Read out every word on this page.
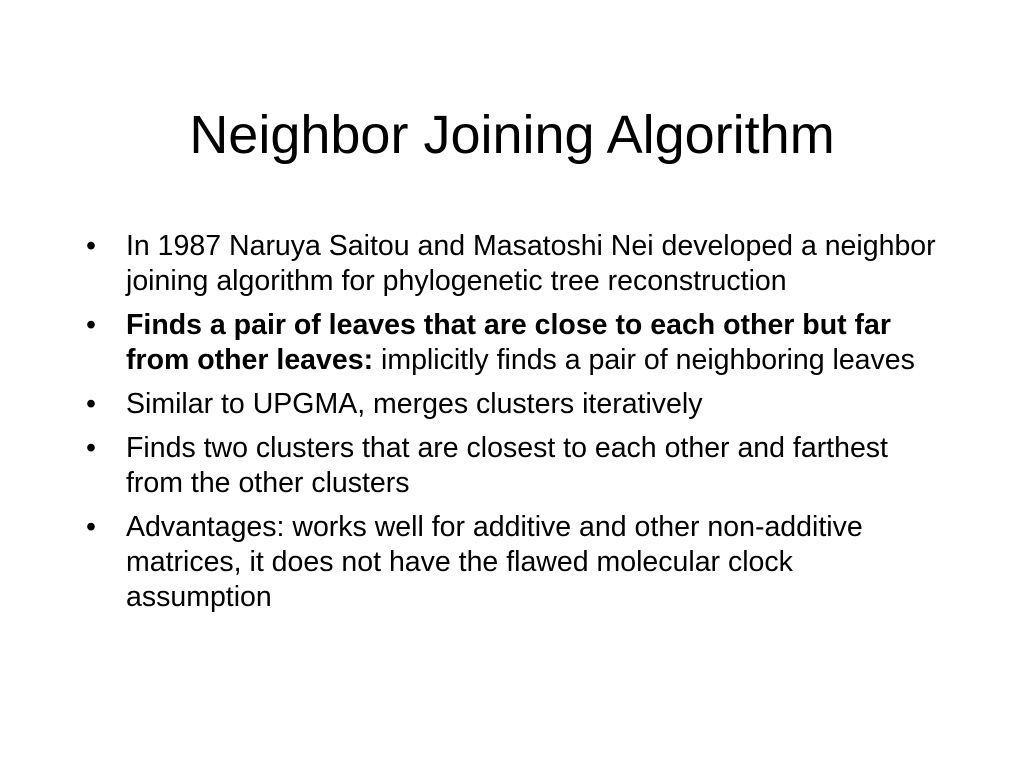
Neighbor Joining Algorithm
•	In 1987 Naruya Saitou and Masatoshi Nei developed a neighbor joining algorithm for phylogenetic tree reconstruction
•	Finds a pair of leaves that are close to each other but far from other leaves: implicitly finds a pair of neighboring leaves
•	Similar to UPGMA, merges clusters iteratively
•	Finds two clusters that are closest to each other and farthest from the other clusters
•	Advantages: works well for additive and other non-additive matrices, it does not have the flawed molecular clock assumption
